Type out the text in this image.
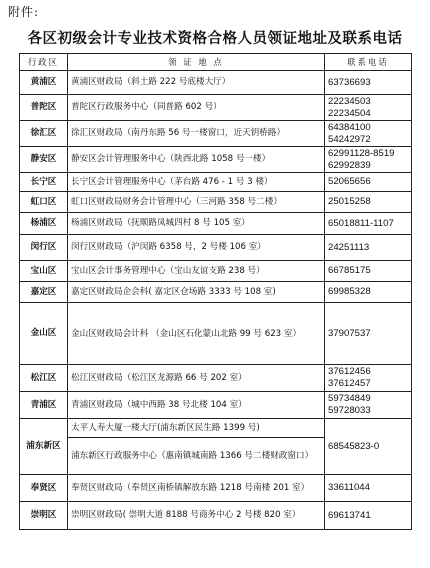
附件:
各区初级会计专业技术资格合格人员领证地址及联系电话
行政区	领 证 地 点	联系电话
黄浦区	黄浦区财政局（斜土路 222 号底楼大厅）	63736693

普陀区	普陀区行政服务中心（同普路 602 号）	22234503
22234504

徐汇区	徐汇区财政局（南丹东路 56 号一楼窗口，近天钥桥路）	64384100
54242972

静安区	静安区会计管理服务中心（陕西北路 1058 号一楼）	62991128-8519
62992839

长宁区	长宁区会计管理服务中心（茅台路 476 - 1 号 3 楼）	52065656

虹口区	虹口区财政局财务会计管理中心（三河路 358 号二楼）	25015258

杨浦区	杨浦区财政局（抚顺路凤城四村 8 号 105 室）	65018811-1107

闵行区	闵行区财政局（沪闵路 6358 号，2 号楼 106 室）	24251113

宝山区	宝山区会计事务管理中心（宝山友谊支路 238 号）	66785175

嘉定区	嘉定区财政局企会科( 嘉定区仓场路 3333 号 108 室)	69985328

金山区	金山区财政局会计科 （金山区石化蒙山北路 99 号 623 室）	37907537

松江区	松江区财政局（松江区龙源路 66 号 202 室）	37612456
37612457

青浦区	青浦区财政局（城中西路 38 号北楼 104 室）	59734849
59728033

浦东新区	太平人寿大厦一楼大厅(浦东新区民生路 1399 号)	68545823-0

	浦东新区行政服务中心（惠南镇城南路 1366 号二楼财政窗口）	
奉贤区	奉贤区财政局（奉贤区南桥镇解放东路 1218 号南楼 201 室）	33611044

崇明区	崇明区财政局( 崇明大道 8188 号商务中心 2 号楼 820 室）	69613741
